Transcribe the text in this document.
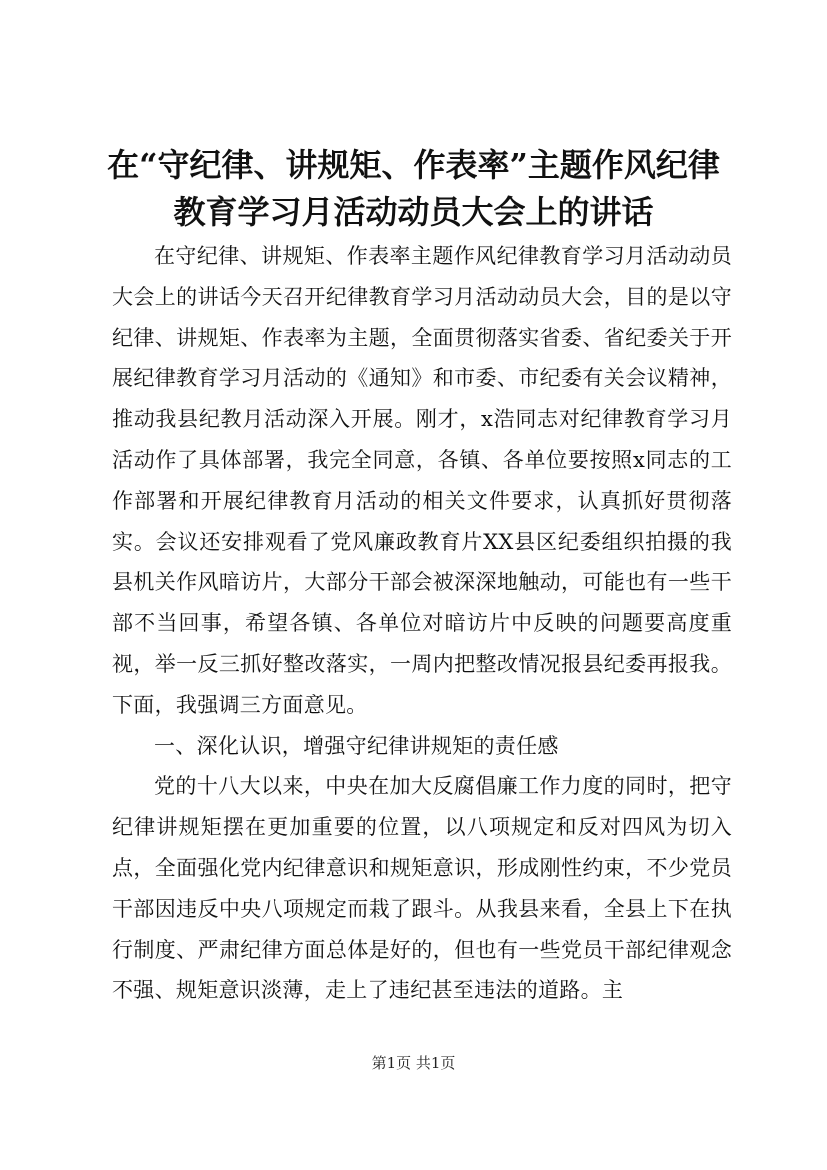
在“守纪律、讲规矩、作表率”主题作风纪律
教育学习月活动动员大会上的讲话

在守纪律、讲规矩、作表率主题作风纪律教育学习月活动动员大会上的讲话今天召开纪律教育学习月活动动员大会，目的是以守纪律、讲规矩、作表率为主题，全面贯彻落实省委、省纪委关于开展纪律教育学习月活动的《通知》和市委、市纪委有关会议精神，推动我县纪教月活动深入开展。刚才，x浩同志对纪律教育学习月活动作了具体部署，我完全同意，各镇、各单位要按照x同志的工作部署和开展纪律教育月活动的相关文件要求，认真抓好贯彻落实。会议还安排观看了党风廉政教育片XX县区纪委组织拍摄的我县机关作风暗访片，大部分干部会被深深地触动，可能也有一些干部不当回事，希望各镇、各单位对暗访片中反映的问题要高度重视，举一反三抓好整改落实，一周内把整改情况报县纪委再报我。下面，我强调三方面意见。

一、深化认识，增强守纪律讲规矩的责任感

党的十八大以来，中央在加大反腐倡廉工作力度的同时，把守纪律讲规矩摆在更加重要的位置，以八项规定和反对四风为切入点，全面强化党内纪律意识和规矩意识，形成刚性约束，不少党员干部因违反中央八项规定而栽了跟斗。从我县来看，全县上下在执行制度、严肃纪律方面总体是好的，但也有一些党员干部纪律观念不强、规矩意识淡薄，走上了违纪甚至违法的道路。主

第1页 共1页
